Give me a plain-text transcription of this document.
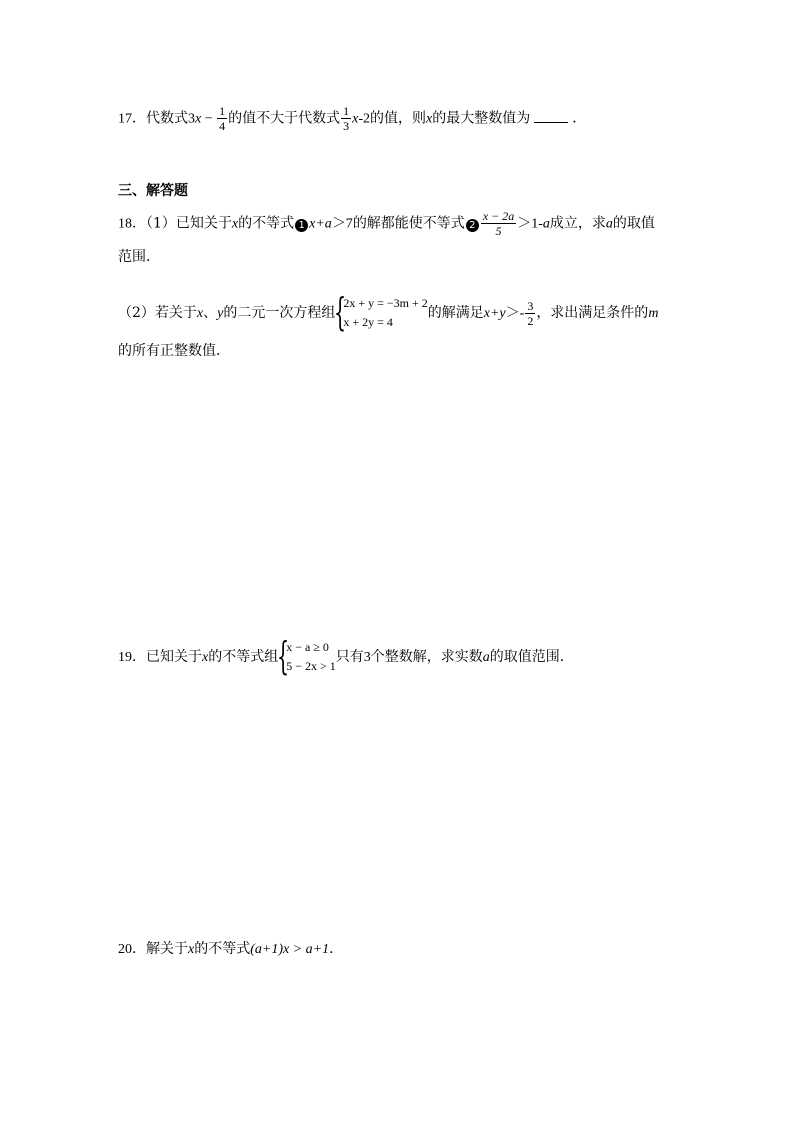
17．代数式$3x - \frac{1}{4}$ 的值不大于代数式 $\frac{1}{3} x-2$的值，则x的最大整数值为	．
三、解答题
18．（1）已知关于x的不等式 1 x+a＞7的解都能使不等式 $2 \frac{x - 2a}{5} >1-a$成立，求a的取值
范围．
（2）若关于x、y的二元一次方程组 {
2x + y = −3m + 2
x + 2y = 4
的解满足$x+y>- \frac{3}{2}$ ，求出满足条件的m
的所有正整数值．
19．已知关于x的不等式组 {
x − a ≥ 0
5 − 2x > 1
只有3个整数解，求实数a的取值范围．
20．解关于x的不等式(a+1)x > a+1．
